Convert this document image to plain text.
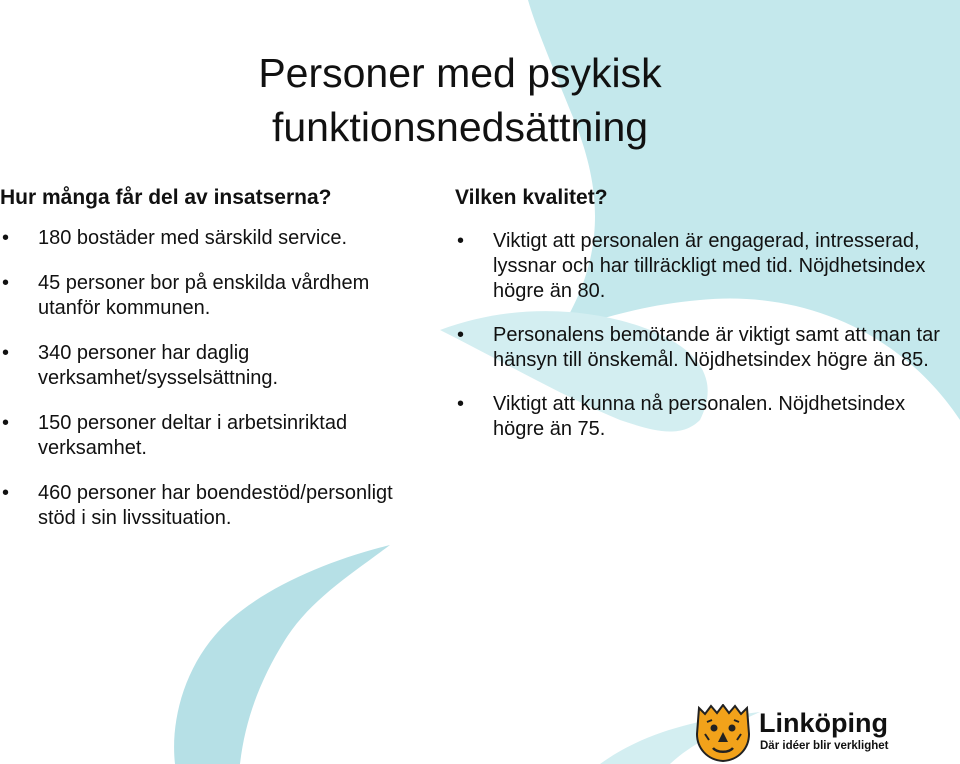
Personer med psykisk
funktionsnedsättning
Hur många får del av insatserna?
• 180 bostäder med särskild service.
• 45 personer bor på enskilda vårdhem utanför kommunen.
• 340 personer har daglig verksamhet/sysselsättning.
• 150 personer deltar i arbetsinriktad verksamhet.
• 460 personer har boendestöd/personligt stöd i sin livssituation.
Vilken kvalitet?
• Viktigt att personalen är engagerad, intresserad, lyssnar och har tillräckligt med tid. Nöjdhetsindex högre än 80.
• Personalens bemötande är viktigt samt att man tar hänsyn till önskemål. Nöjdhetsindex högre än 85.
• Viktigt att kunna nå personalen. Nöjdhetsindex högre än 75.
Linköping
Där idéer blir verklighet
